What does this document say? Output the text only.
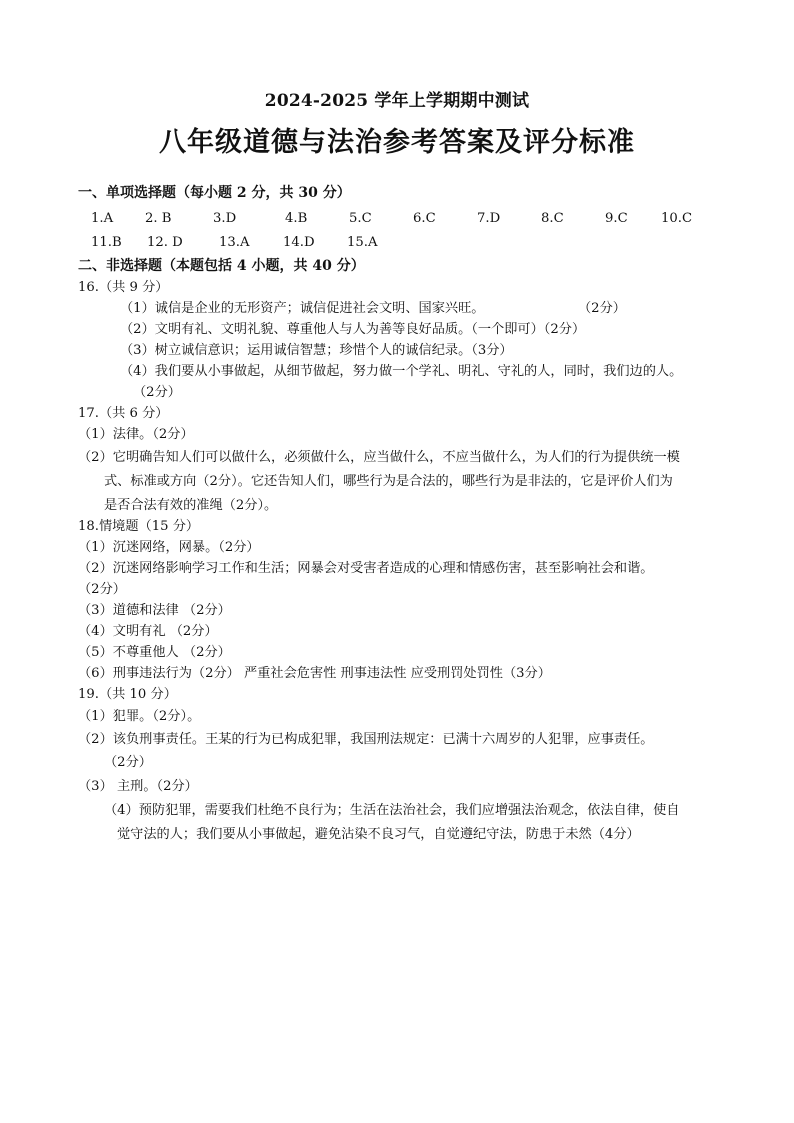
2024-2025 学年上学期期中测试
八年级道德与法治参考答案及评分标准
一、单项选择题（每小题 2 分，共 30 分）
1.A 2. B	3.D	4.B	5.C	6.C	7.D	8.C	9.C	10.C
11.B 12. D	13.A	14.D 15.A
二、非选择题（本题包括 4 小题，共 40 分）
16.（共 9 分）
（1）诚信是企业的无形资产；诚信促进社会文明、国家兴旺。	（2分）
（2）文明有礼、文明礼貌、尊重他人与人为善等良好品质。（一个即可）（2分）
（3）树立诚信意识；运用诚信智慧；珍惜个人的诚信纪录。（3分）
（4）我们要从小事做起，从细节做起，努力做一个学礼、明礼、守礼的人，同时，我们边的人。
（2分）
17.（共 6 分）
（1）法律。（2分）
（2）它明确告知人们可以做什么，必须做什么，应当做什么，不应当做什么，为人们的行为提供统一模
式、标准或方向（2分）。它还告知人们，哪些行为是合法的，哪些行为是非法的，它是评价人们为
是否合法有效的准绳（2分）。
18.情境题（15 分）
（1）沉迷网络，网暴。（2分）
（2）沉迷网络影响学习工作和生活；网暴会对受害者造成的心理和情感伤害，甚至影响社会和谐。
（2分）
（3）道德和法律 （2分）
（4）文明有礼 （2分）
（5）不尊重他人 （2分）
（6）刑事违法行为（2分） 严重社会危害性 刑事违法性 应受刑罚处罚性（3分）
19.（共 10 分）
（1）犯罪。（2分）。
（2）该负刑事责任。王某的行为已构成犯罪，我国刑法规定：已满十六周岁的人犯罪，应事责任。
（2分）
（3） 主刑。（2分）
（4）预防犯罪，需要我们杜绝不良行为；生活在法治社会，我们应增强法治观念，依法自律，使自
觉守法的人；我们要从小事做起，避免沾染不良习气，自觉遵纪守法，防患于未然（4分）
